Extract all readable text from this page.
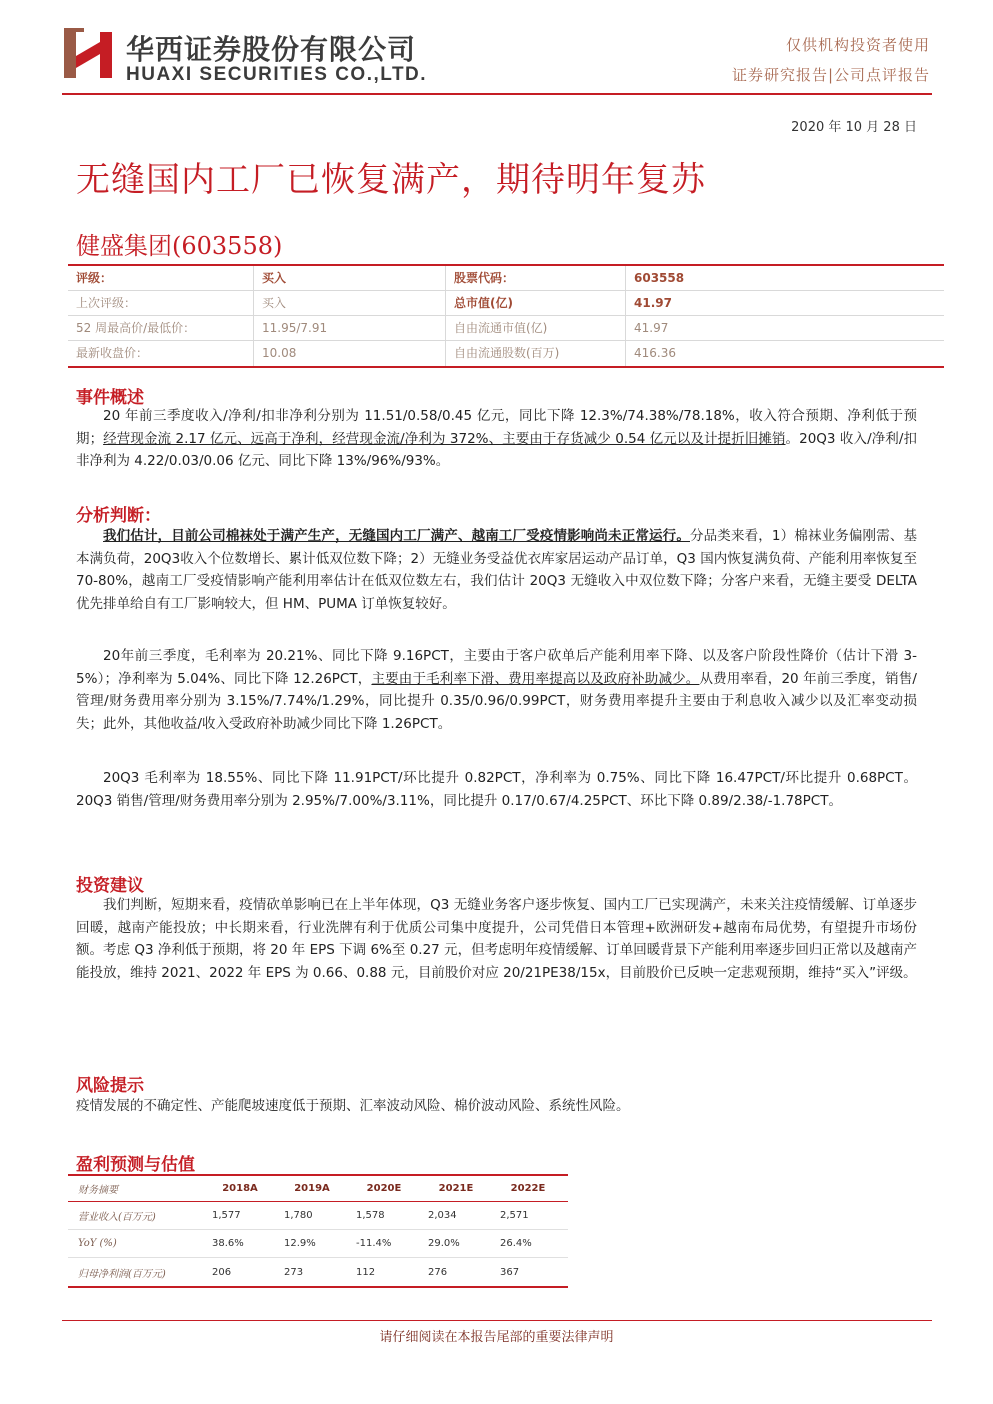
华西证券股份有限公司
HUAXI SECURITIES CO.,LTD.
仅供机构投资者使用
证券研究报告|公司点评报告
2020 年 10 月 28 日
无缝国内工厂已恢复满产，期待明年复苏
健盛集团(603558)
评级：	买入	股票代码：	603558
上次评级：	买入	总市值(亿)	41.97
52 周最高价/最低价：	11.95/7.91	自由流通市值(亿)	41.97
最新收盘价：	10.08	自由流通股数(百万)	416.36
事件概述
20 年前三季度收入/净利/扣非净利分别为 11.51/0.58/0.45 亿元，同比下降 12.3%/74.38%/78.18%，收入符合预期、净利低于预期；经营现金流 2.17 亿元、远高于净利，经营现金流/净利为 372%、主要由于存货减少 0.54 亿元以及计提折旧摊销。20Q3 收入/净利/扣非净利为 4.22/0.03/0.06 亿元、同比下降 13%/96%/93%。
分析判断：
我们估计，目前公司棉袜处于满产生产，无缝国内工厂满产、越南工厂受疫情影响尚未正常运行。分品类来看，1）棉袜业务偏刚需、基本满负荷，20Q3收入个位数增长、累计低双位数下降；2）无缝业务受益优衣库家居运动产品订单，Q3 国内恢复满负荷、产能利用率恢复至 70-80%，越南工厂受疫情影响产能利用率估计在低双位数左右，我们估计 20Q3 无缝收入中双位数下降；分客户来看，无缝主要受 DELTA 优先排单给自有工厂影响较大，但 HM、PUMA 订单恢复较好。
20年前三季度，毛利率为 20.21%、同比下降 9.16PCT，主要由于客户砍单后产能利用率下降、以及客户阶段性降价（估计下滑 3-5%）；净利率为 5.04%、同比下降 12.26PCT，主要由于毛利率下滑、费用率提高以及政府补助减少。从费用率看，20 年前三季度，销售/管理/财务费用率分别为 3.15%/7.74%/1.29%，同比提升 0.35/0.96/0.99PCT，财务费用率提升主要由于利息收入减少以及汇率变动损失；此外，其他收益/收入受政府补助减少同比下降 1.26PCT。
20Q3 毛利率为 18.55%、同比下降 11.91PCT/环比提升 0.82PCT，净利率为 0.75%、同比下降 16.47PCT/环比提升 0.68PCT。20Q3 销售/管理/财务费用率分别为 2.95%/7.00%/3.11%，同比提升 0.17/0.67/4.25PCT、环比下降 0.89/2.38/-1.78PCT。
投资建议
我们判断，短期来看，疫情砍单影响已在上半年体现，Q3 无缝业务客户逐步恢复、国内工厂已实现满产，未来关注疫情缓解、订单逐步回暖，越南产能投放；中长期来看，行业洗牌有利于优质公司集中度提升，公司凭借日本管理+欧洲研发+越南布局优势，有望提升市场份额。考虑 Q3 净利低于预期，将 20 年 EPS 下调 6%至 0.27 元，但考虑明年疫情缓解、订单回暖背景下产能利用率逐步回归正常以及越南产能投放，维持 2021、2022 年 EPS 为 0.66、0.88 元，目前股价对应 20/21PE38/15x，目前股价已反映一定悲观预期，维持“买入”评级。
风险提示
疫情发展的不确定性、产能爬坡速度低于预期、汇率波动风险、棉价波动风险、系统性风险。
盈利预测与估值
财务摘要	2018A	2019A	2020E	2021E	2022E
营业收入(百万元)	1,577	1,780	1,578	2,034	2,571
YoY (%)	38.6%	12.9%	-11.4%	29.0%	26.4%
归母净利润(百万元)	206	273	112	276	367
请仔细阅读在本报告尾部的重要法律声明
